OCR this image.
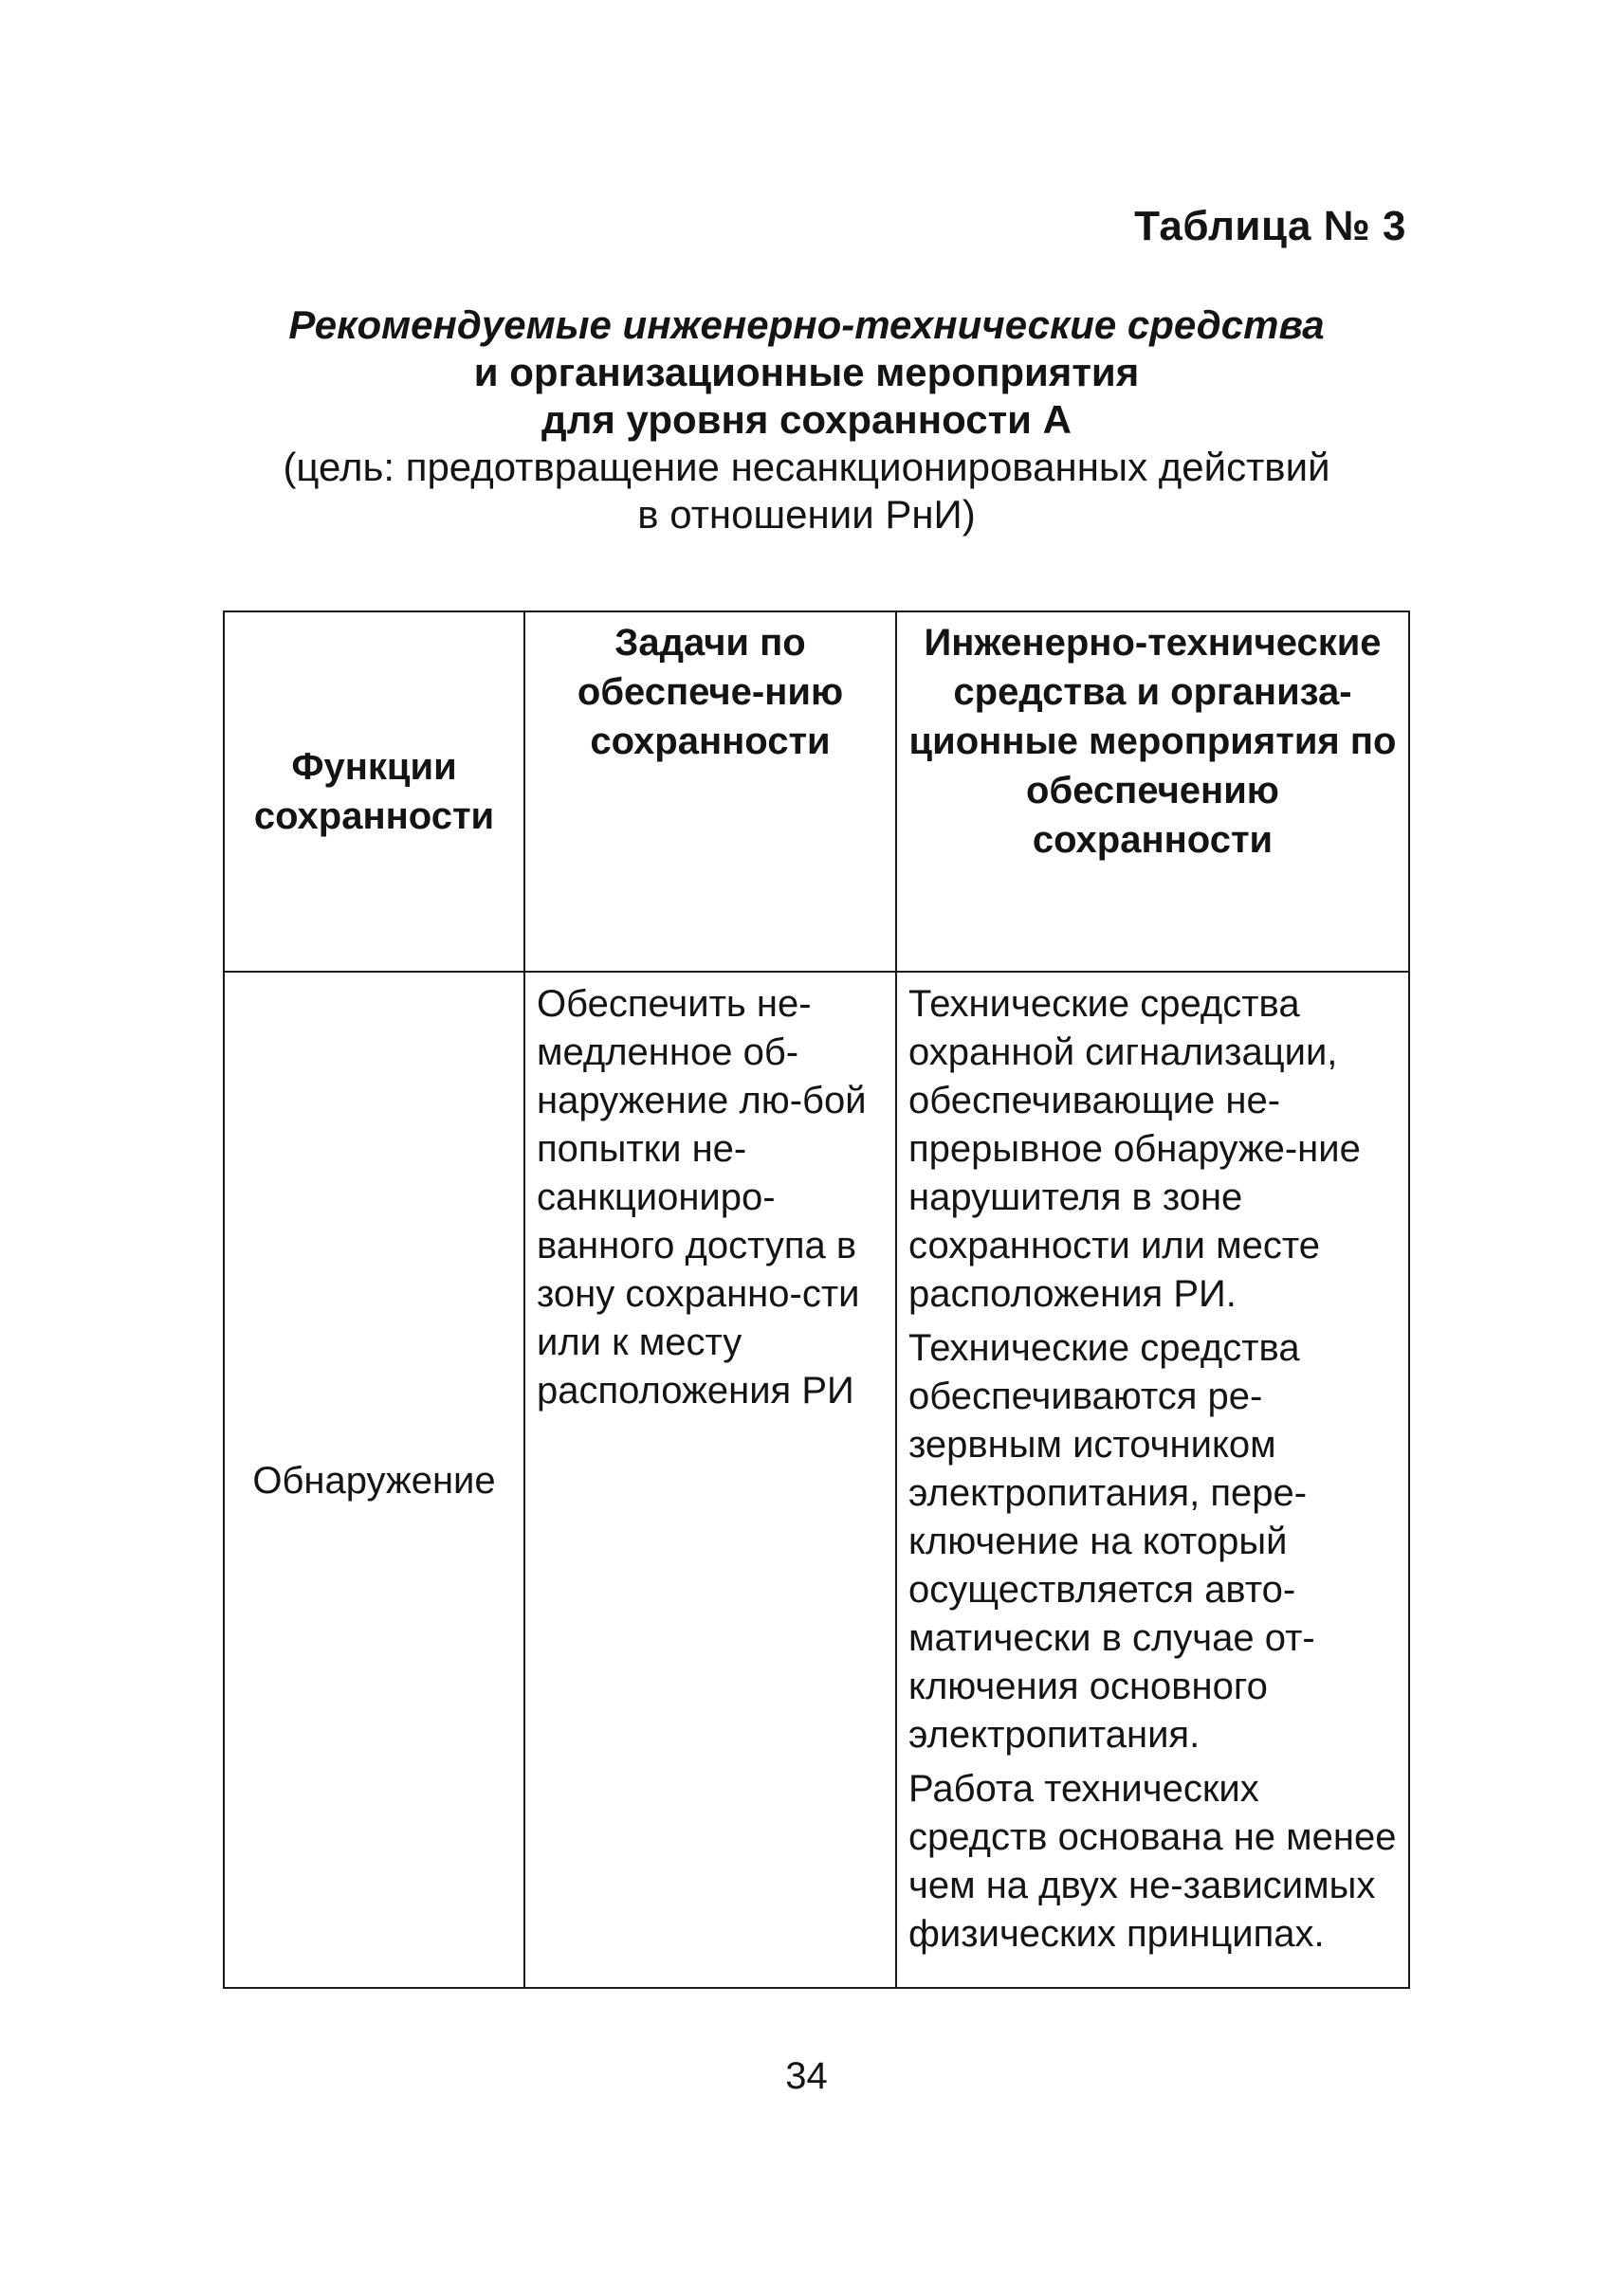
Таблица № 3
Рекомендуемые инженерно-технические средства
и организационные мероприятия
для уровня сохранности А
(цель: предотвращение несанкционированных действий
в отношении РнИ)
Функции сохранности	Задачи по обеспече-нию сохранности	Инженерно-технические средства и организа-ционные мероприятия по обеспечению сохранности
Обнаружение	Обеспечить не-медленное об-наружение лю-бой попытки не-санкциониро-ванного доступа в зону сохранно-сти или к месту расположения РИ	Технические средства охранной сигнализации, обеспечивающие не-прерывное обнаруже-ние нарушителя в зоне сохранности или месте расположения РИ.

Технические средства обеспечиваются ре-зервным источником электропитания, пере-ключение на который осуществляется авто-матически в случае от-ключения основного электропитания.

Работа технических средств основана не менее чем на двух не-зависимых физических принципах.

34
